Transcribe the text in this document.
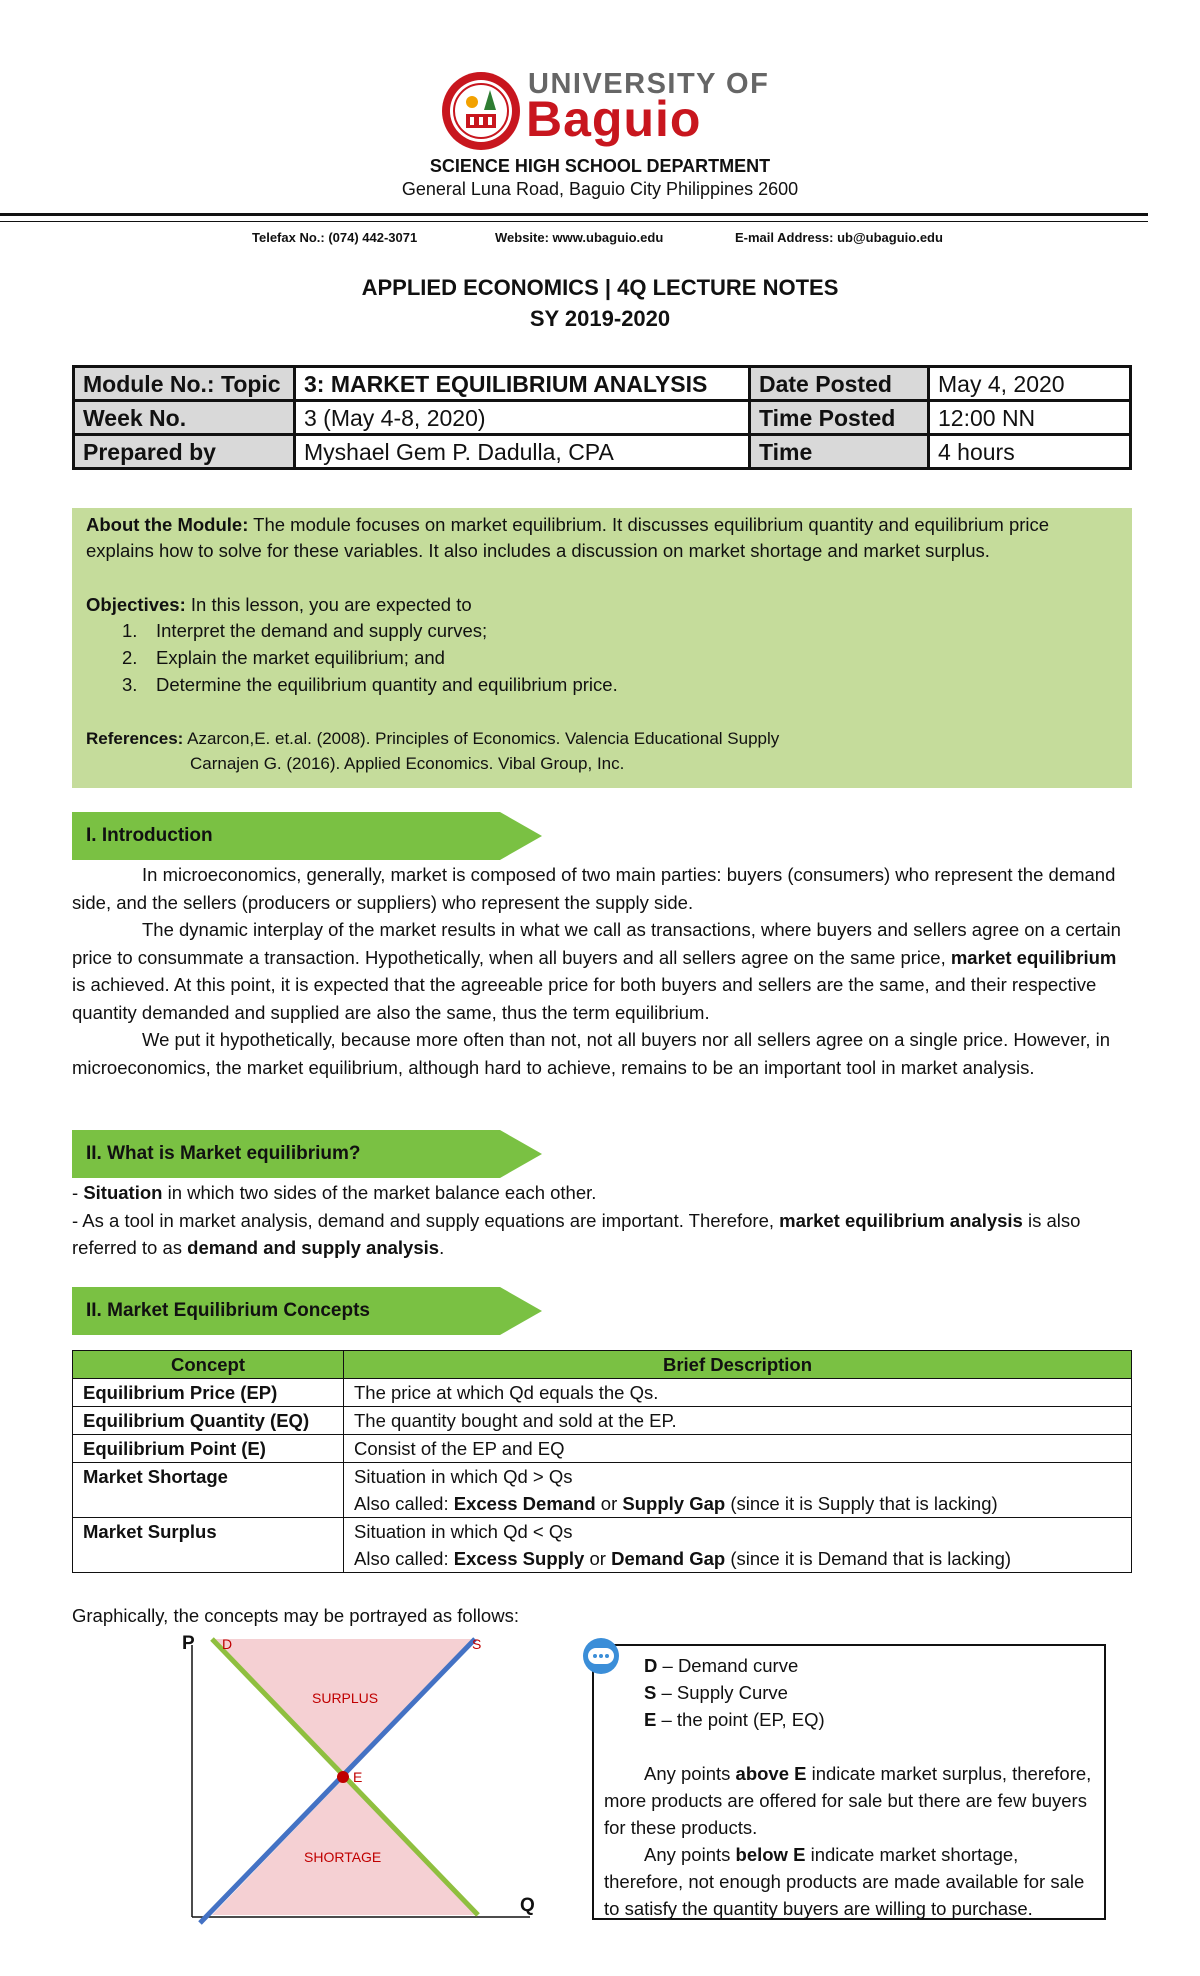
UNIVERSITY OF
Baguio
SCIENCE HIGH SCHOOL DEPARTMENT
General Luna Road, Baguio City Philippines 2600
Telefax No.: (074) 442-3071	Website: www.ubaguio.edu	E-mail Address: ub@ubaguio.edu
APPLIED ECONOMICS | 4Q LECTURE NOTES
SY 2019-2020
Module No.: Topic	3: MARKET EQUILIBRIUM ANALYSIS	Date Posted	May 4, 2020
Week No.	3 (May 4-8, 2020)	Time Posted	12:00 NN
Prepared by	Myshael Gem P. Dadulla, CPA	Time	4 hours
About the Module: The module focuses on market equilibrium. It discusses equilibrium quantity and equilibrium price
explains how to solve for these variables. It also includes a discussion on market shortage and market surplus.
Objectives: In this lesson, you are expected to
1. Interpret the demand and supply curves;
2. Explain the market equilibrium; and
3. Determine the equilibrium quantity and equilibrium price.
References: Azarcon,E. et.al. (2008). Principles of Economics. Valencia Educational Supply
Carnajen G. (2016). Applied Economics. Vibal Group, Inc.
I. Introduction

In microeconomics, generally, market is composed of two main parties: buyers (consumers) who represent the demand side, and the sellers (producers or suppliers) who represent the supply side.

The dynamic interplay of the market results in what we call as transactions, where buyers and sellers agree on a certain price to consummate a transaction. Hypothetically, when all buyers and all sellers agree on the same price, market equilibrium is achieved. At this point, it is expected that the agreeable price for both buyers and sellers are the same, and their respective quantity demanded and supplied are also the same, thus the term equilibrium.

We put it hypothetically, because more often than not, not all buyers nor all sellers agree on a single price. However, in microeconomics, the market equilibrium, although hard to achieve, remains to be an important tool in market analysis.

II. What is Market equilibrium?

- Situation in which two sides of the market balance each other.

- As a tool in market analysis, demand and supply equations are important. Therefore, market equilibrium analysis is also referred to as demand and supply analysis.

II. Market Equilibrium Concepts
Concept	Brief Description
Equilibrium Price (EP)	The price at which Qd equals the Qs.
Equilibrium Quantity (EQ)	The quantity bought and sold at the EP.
Equilibrium Point (E)	Consist of the EP and EQ
Market Shortage	Situation in which Qd > Qs
Also called: Excess Demand or Supply Gap (since it is Supply that is lacking)
Market Surplus	Situation in which Qd < Qs
Also called: Excess Supply or Demand Gap (since it is Demand that is lacking)
Graphically, the concepts may be portrayed as follows:
P
Q
D	S
E
SURPLUS
SHORTAGE
D – Demand curve
S – Supply Curve
E – the point (EP, EQ)
Any points above E indicate market surplus, therefore, more products are offered for sale but there are few buyers for these products.
Any points below E indicate market shortage, therefore, not enough products are made available for sale to satisfy the quantity buyers are willing to purchase.
